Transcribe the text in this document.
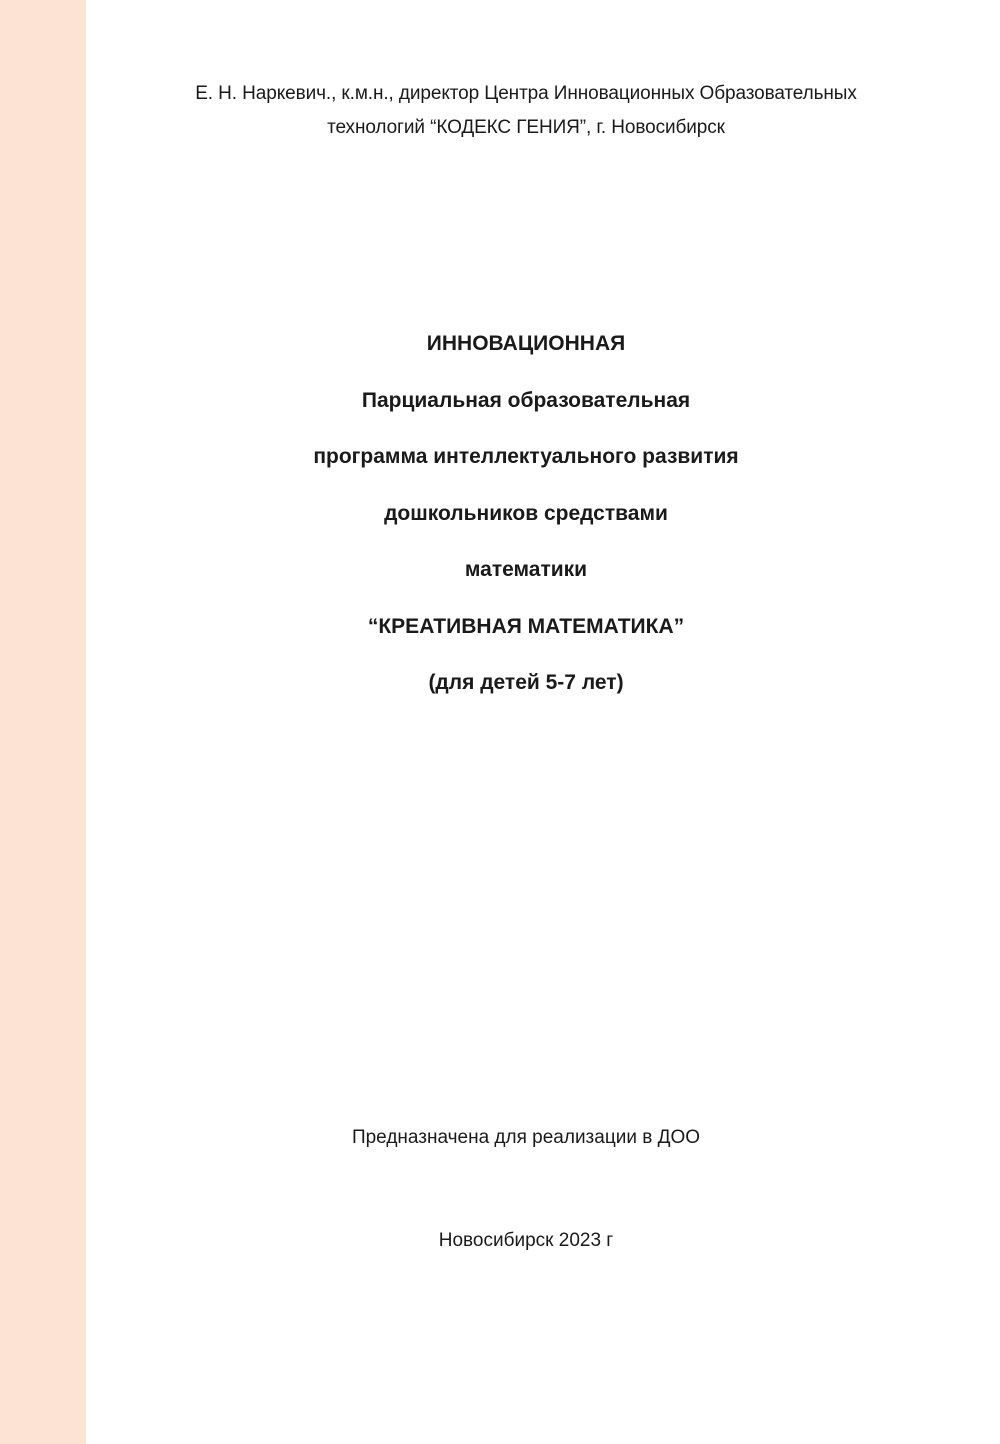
Е. Н. Наркевич., к.м.н., директор Центра Инновационных Образовательных
технологий “КОДЕКС ГЕНИЯ”, г. Новосибирск

ИННОВАЦИОННАЯ

Парциальная образовательная

программа интеллектуального развития

дошкольников средствами

математики

“КРЕАТИВНАЯ МАТЕМАТИКА”

(для детей 5-7 лет)

Предназначена для реализации в ДОО
Новосибирск 2023 г
